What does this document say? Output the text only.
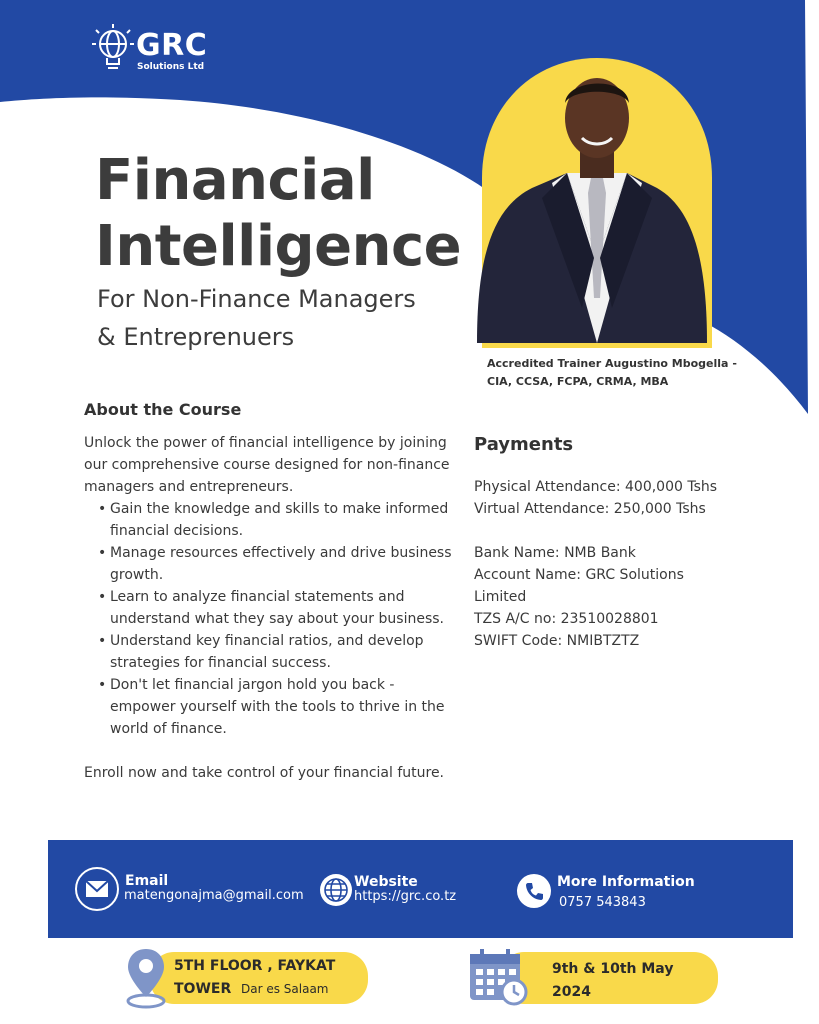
GRC
Solutions Ltd
Financial
Intelligence
For Non-Finance Managers
& Entreprenuers
Accredited Trainer Augustino Mbogella -
CIA, CCSA, FCPA, CRMA, MBA
About the Course

Unlock the power of financial intelligence by joining our comprehensive course designed for non-finance managers and entrepreneurs.

• Gain the knowledge and skills to make informed financial decisions.
• Manage resources effectively and drive business growth.
• Learn to analyze financial statements and understand what they say about your business.
• Understand key financial ratios, and develop strategies for financial success.
• Don't let financial jargon hold you back - empower yourself with the tools to thrive in the world of finance.

Enroll now and take control of your financial future.

Payments
Physical Attendance: 400,000 Tshs
Virtual Attendance: 250,000 Tshs
Bank Name: NMB Bank
Account Name: GRC Solutions Limited
TZS A/C no: 23510028801
SWIFT Code: NMIBTZTZ
Email
matengonajma@gmail.com
Website
https://grc.co.tz
More Information
0757 543843
5TH FLOOR , FAYKAT
TOWER Dar es Salaam
9th & 10th May
2024
